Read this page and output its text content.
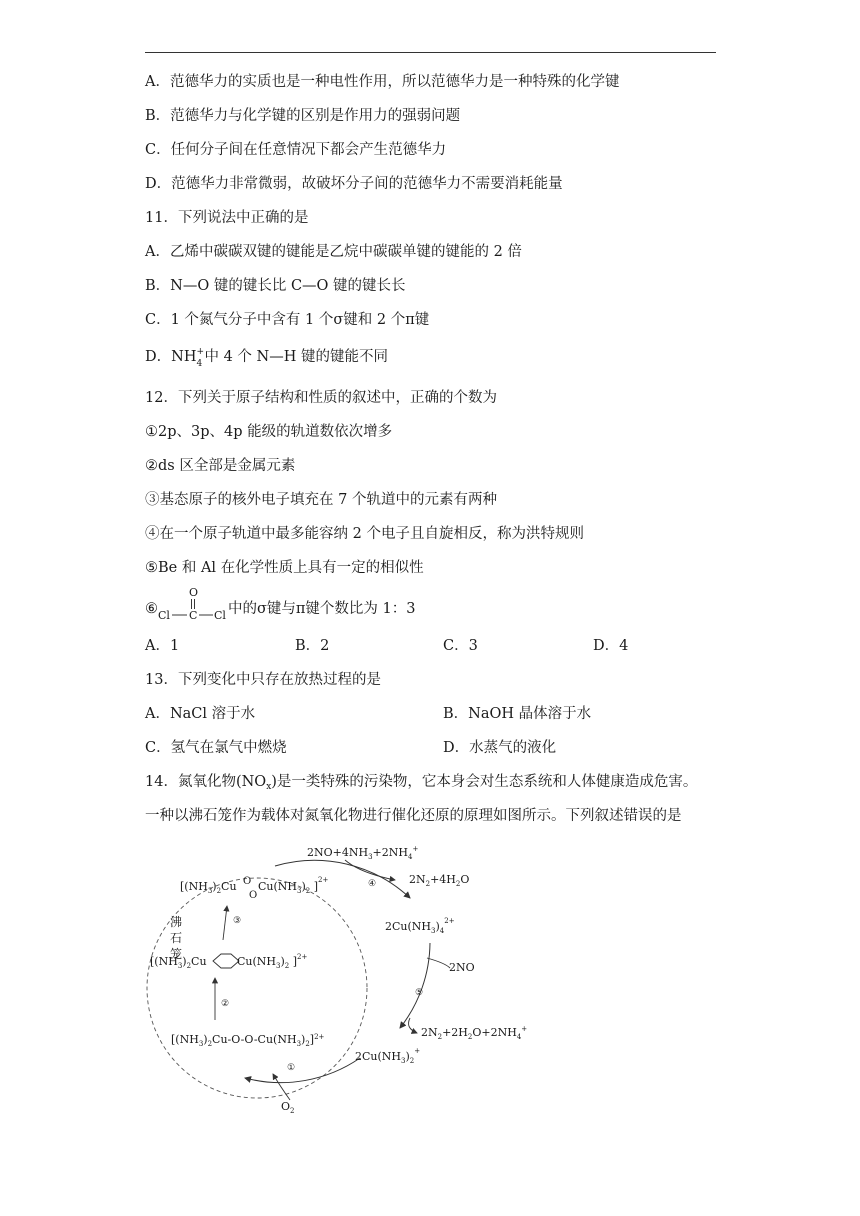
A．范德华力的实质也是一种电性作用，所以范德华力是一种特殊的化学键
B．范德华力与化学键的区别是作用力的强弱问题
C．任何分子间在任意情况下都会产生范德华力
D．范德华力非常微弱，故破坏分子间的范德华力不需要消耗能量
11．下列说法中正确的是
A．乙烯中碳碳双键的键能是乙烷中碳碳单键的键能的 2 倍
B．N—O 键的键长比 C—O 键的键长长
C．1 个氮气分子中含有 1 个σ键和 2 个π键
D．NH +
4 中 4 个 N—H 键的键能不同
12．下列关于原子结构和性质的叙述中，正确的个数为
①2p、3p、4p 能级的轨道数依次增多
②ds 区全部是金属元素
③基态原子的核外电子填充在 7 个轨道中的元素有两种
④在一个原子轨道中最多能容纳 2 个电子且自旋相反，称为洪特规则
⑤Be 和 Al 在化学性质上具有一定的相似性
⑥
O
Cl C Cl 中的σ键与π键个数比为 1：3
A．1	B．2	C．3	D．4
13．下列变化中只存在放热过程的是
A．NaCl 溶于水	B．NaOH 晶体溶于水
C．氢气在氯气中燃烧	D．水蒸气的液化
14．氮氧化物$(NO_x)$是一类特殊的污染物，它本身会对生态系统和人体健康造成危害。
一种以沸石笼作为载体对氮氧化物进行催化还原的原理如图所示。下列叙述错误的是
沸
石
笼
$2NO+4NH_3+2NH_4^+$
$2N_2+4H_2O$
④
$2Cu(NH_3)_4^{2+}$
2NO
⑤
$2N_2+2H_2O+2NH_4^+$
$2Cu(NH_3)_2^+$
$O_2$
①
$[(NH_3)_2Cu-O-O-Cu(NH_3)_2]^{2+}$
②
[$(NH_3)_2Cu$	$Cu(NH_3)_2$ ]$^{2+}$
③
[$(NH_3)_2Cu$ O
O
$Cu(NH_3)_2$ ]$^{2+}$
